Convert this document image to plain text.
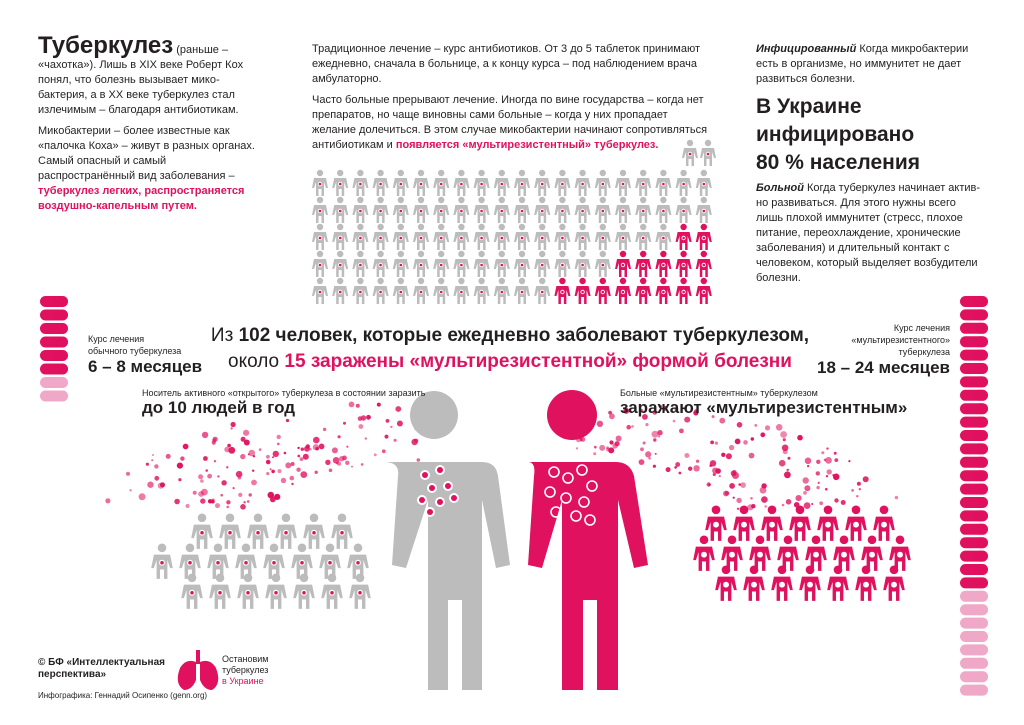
Туберкулез (раньше –

«чахотка»). Лишь в XIX веке Роберт Кох понял, что болезнь вызывает мико-бактерия, а в XX веке туберкулез стал излечимым – благодаря антибиотикам.

Микобактерии – более известные как «палочка Коха» – живут в разных органах. Самый опасный и самый распространённый вид заболевания – туберкулез легких, распространяется воздушно-капельным путем.

Традиционное лечение – курс антибиотиков. От 3 до 5 таблеток принимают ежедневно, сначала в больнице, а к концу курса – под наблюдением врача амбулаторно.

Часто больные прерывают лечение. Иногда по вине государства – когда нет препаратов, но чаще виновны сами больные – когда у них пропадает желание долечиться. В этом случае микобактерии начинают сопротивляться антибиотикам и появляется «мультирезистентный» туберкулез.

Инфицированный Когда микробактерии есть в организме, но иммунитет не дает развиться болезни.

В Украине
инфицировано
80 % населения

Больной Когда туберкулез начинает актив-но развиваться. Для этого нужны всего лишь плохой иммунитет (стресс, плохое питание, переохлаждение, хронические заболевания) и длительный контакт с человеком, который выделяет возбудители болезни.

Курс лечения
обычного туберкулеза
6 – 8 месяцев
Курс лечения
«мультирезистентного»
туберкулеза
18 – 24 месяцев
Из 102 человек, которые ежедневно заболевают туберкулезом,
около 15 заражены «мультирезистентной» формой болезни
Носитель активного «открытого» туберкулеза в состоянии заразить
до 10 людей в год
Больные «мультирезистентным» туберкулезом
заражают «мультирезистентным»
© БФ «Интеллектуальная перспектива»
Инфографика: Геннадий Осипенко (genn.org)
Остановим
туберкулез
в Украине
